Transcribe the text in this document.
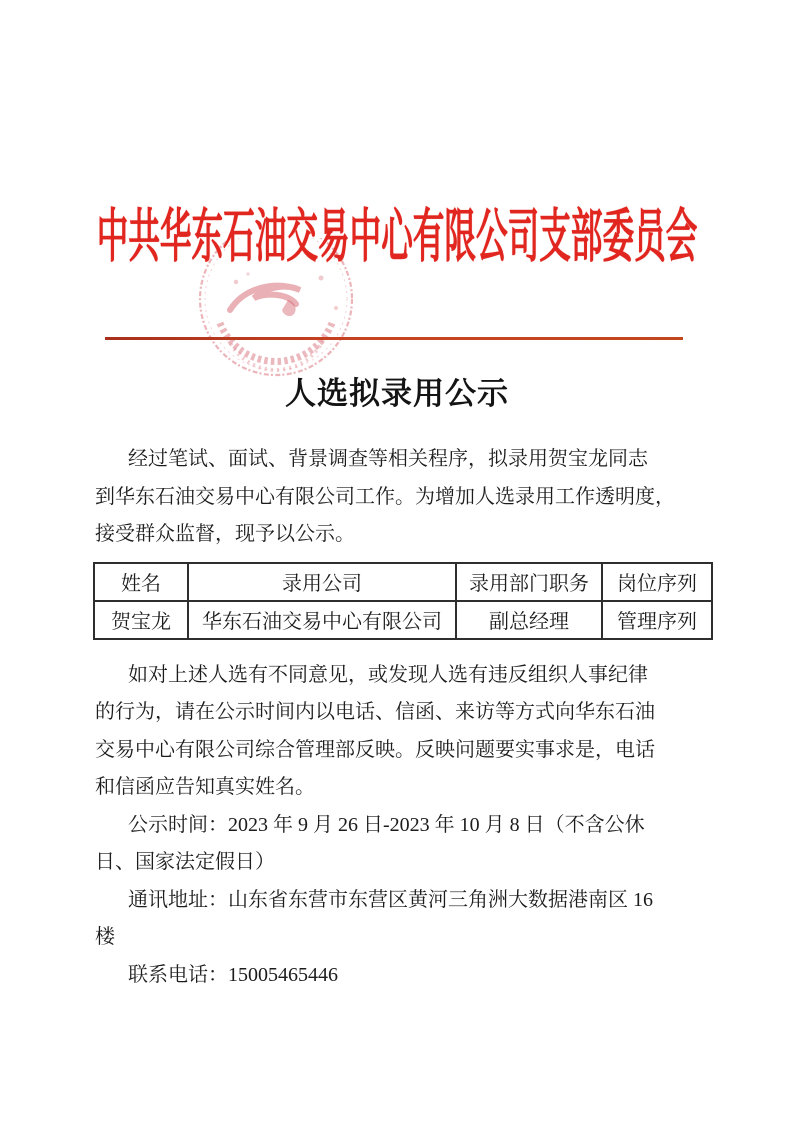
中共华东石油交易中心有限公司支部委员会
人选拟录用公示
经过笔试、面试、背景调查等相关程序，拟录用贺宝龙同志
到华东石油交易中心有限公司工作。为增加人选录用工作透明度，
接受群众监督，现予以公示。
姓名	录用公司	录用部门职务	岗位序列
贺宝龙	华东石油交易中心有限公司	副总经理	管理序列
如对上述人选有不同意见，或发现人选有违反组织人事纪律
的行为，请在公示时间内以电话、信函、来访等方式向华东石油
交易中心有限公司综合管理部反映。反映问题要实事求是，电话
和信函应告知真实姓名。
公示时间：2023 年 9 月 26 日-2023 年 10 月 8 日（不含公休
日、国家法定假日）
通讯地址：山东省东营市东营区黄河三角洲大数据港南区 16
楼
联系电话：15005465446
